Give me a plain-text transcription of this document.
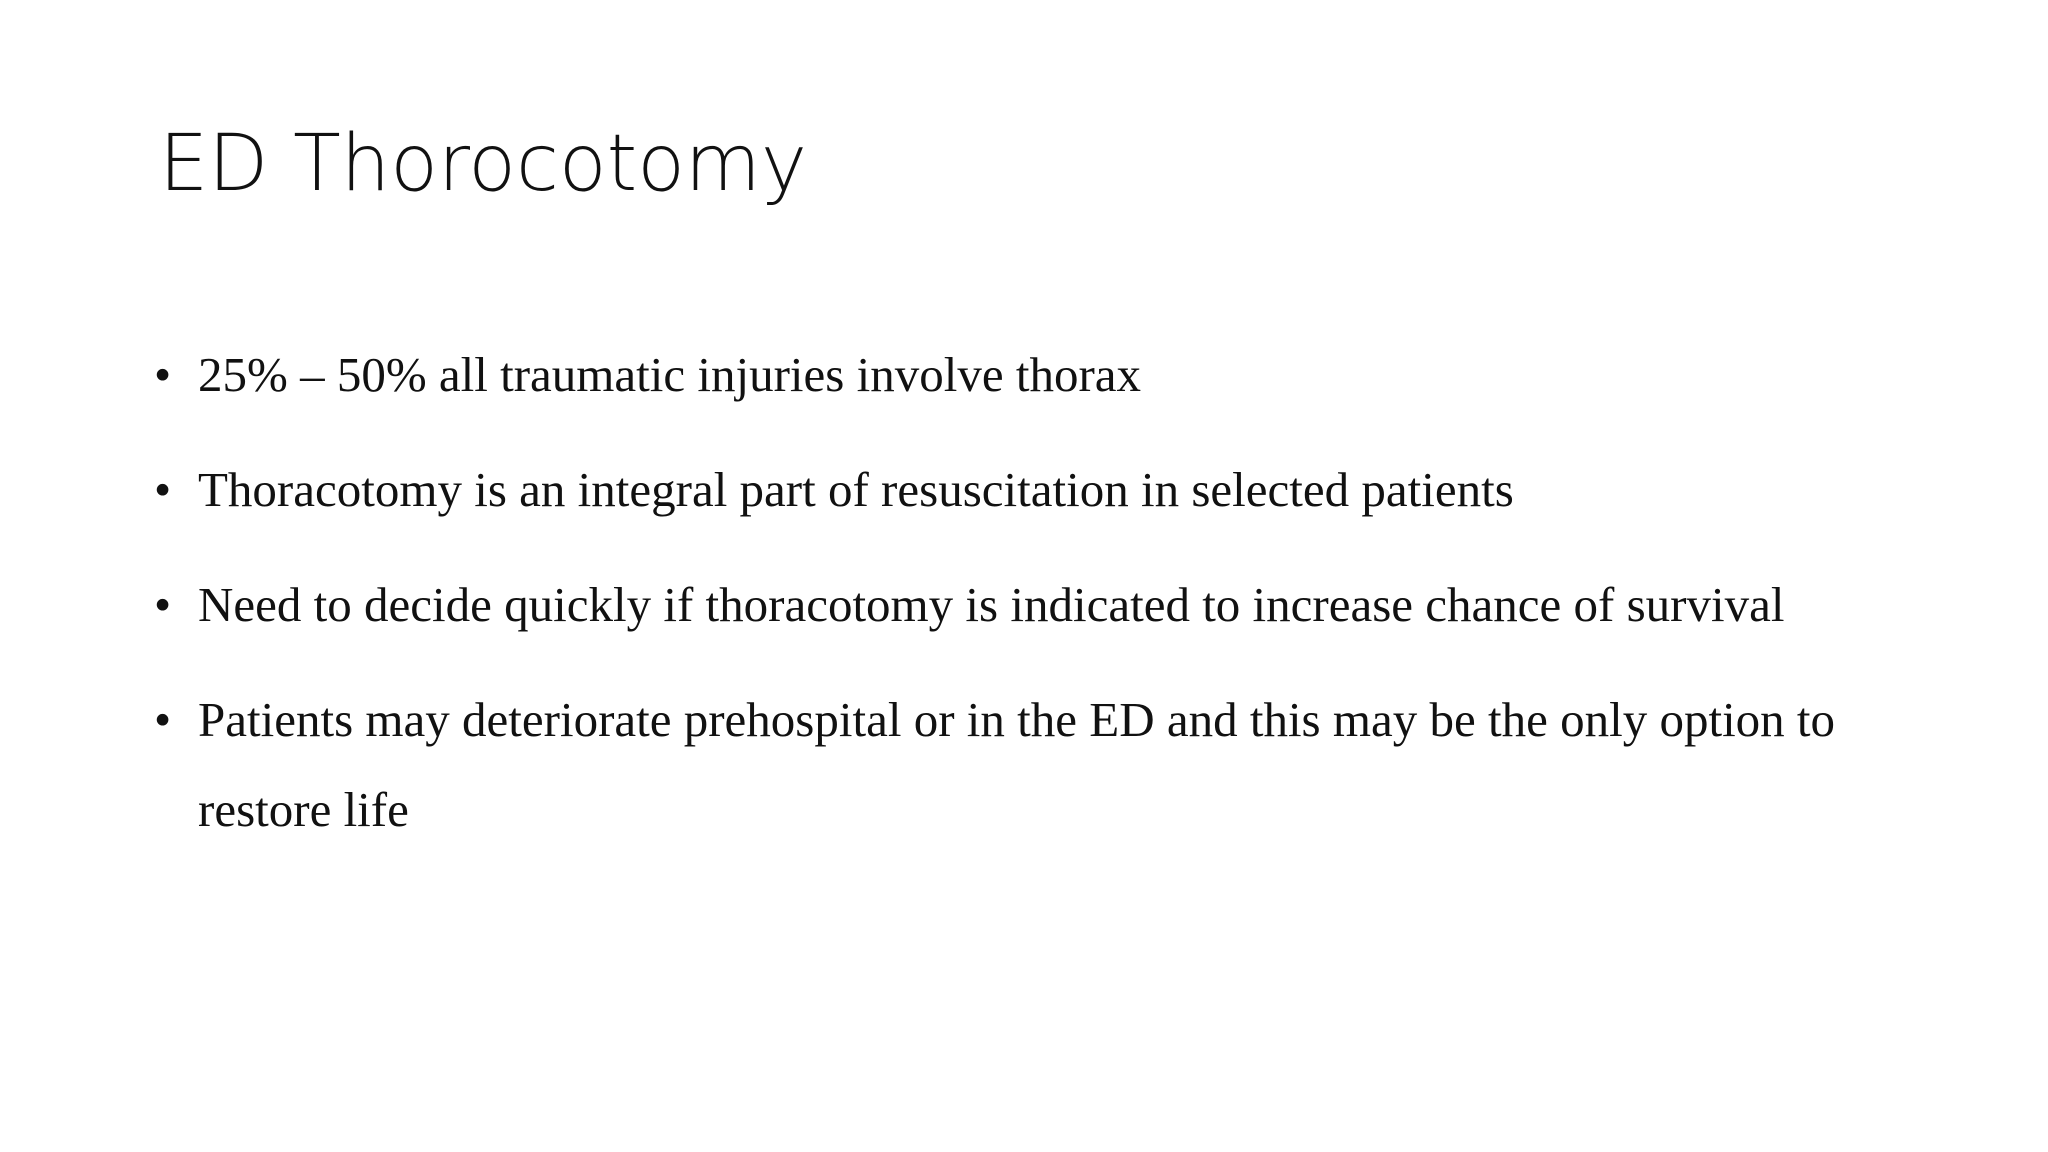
ED Thorocotomy
• 25% – 50% all traumatic injuries involve thorax
• Thoracotomy is an integral part of resuscitation in selected patients
• Need to decide quickly if thoracotomy is indicated to increase chance of survival
• Patients may deteriorate prehospital or in the ED and this may be the only option to restore life
